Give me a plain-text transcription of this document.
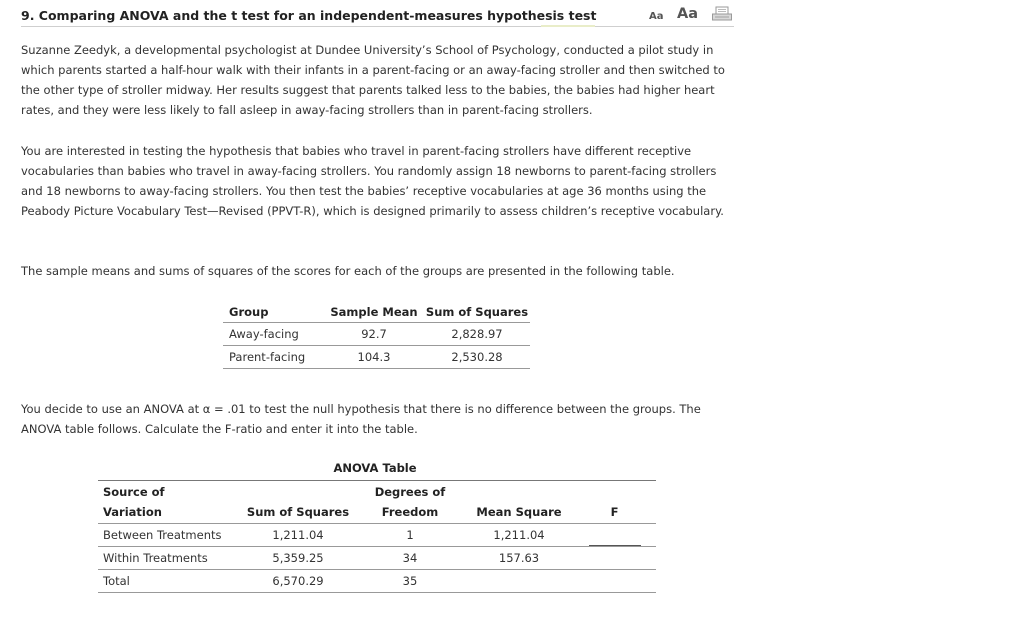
9. Comparing ANOVA and the t test for an independent-measures hypothesis test	Aa Aa

Suzanne Zeedyk, a developmental psychologist at Dundee University’s School of Psychology, conducted a pilot study in which parents started a half-hour walk with their infants in a parent-facing or an away-facing stroller and then switched to the other type of stroller midway. Her results suggest that parents talked less to the babies, the babies had higher heart rates, and they were less likely to fall asleep in away-facing strollers than in parent-facing strollers.

You are interested in testing the hypothesis that babies who travel in parent-facing strollers have different receptive vocabularies than babies who travel in away-facing strollers. You randomly assign 18 newborns to parent-facing strollers and 18 newborns to away-facing strollers. You then test the babies’ receptive vocabularies at age 36 months using the Peabody Picture Vocabulary Test—Revised (PPVT-R), which is designed primarily to assess children’s receptive vocabulary.

The sample means and sums of squares of the scores for each of the groups are presented in the following table.

Group	Sample Mean	Sum of Squares
Away-facing	92.7	2,828.97
Parent-facing	104.3	2,530.28

You decide to use an ANOVA at α = .01 to test the null hypothesis that there is no difference between the groups. The ANOVA table follows. Calculate the F-ratio and enter it into the table.

ANOVA Table
Source of
Variation	Sum of Squares	Degrees of
Freedom	Mean Square	F
Between Treatments	1,211.04	1	1,211.04	
Within Treatments	5,359.25	34	157.63	
Total	6,570.29	35		
